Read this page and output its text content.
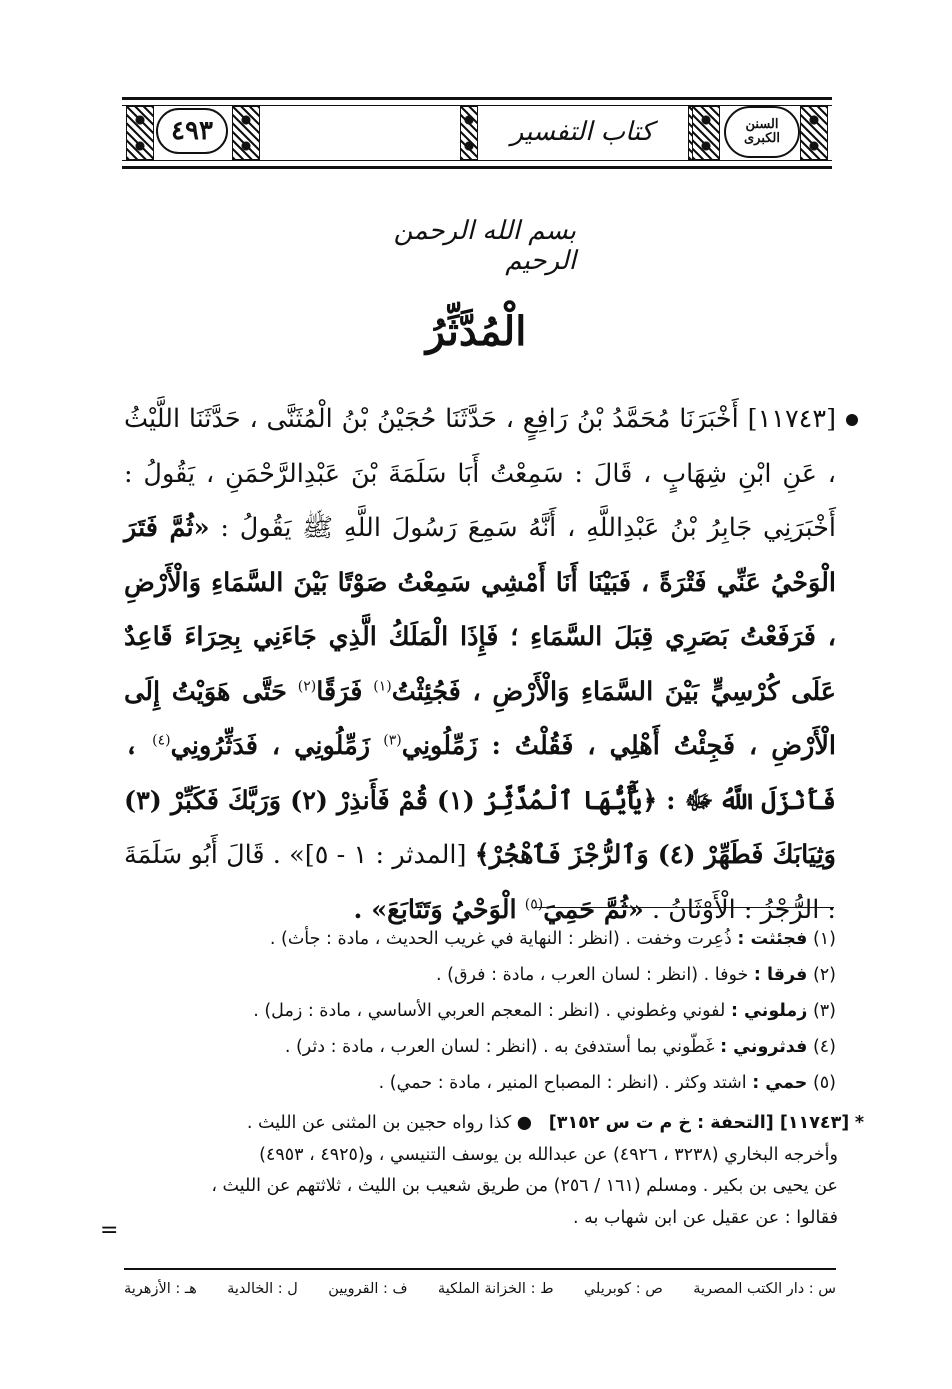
٤٩٣	كتاب التفسير	السنن الكبرى
بسم الله الرحمن الرحيم
الْمُدَّثِّرُ
[١١٧٤٣] أَخْبَرَنَا مُحَمَّدُ بْنُ رَافِعٍ ، حَدَّثَنَا حُجَيْنُ بْنُ الْمُثَنَّى ، حَدَّثَنَا اللَّيْثُ ، عَنِ ابْنِ شِهَابٍ ، قَالَ : سَمِعْتُ أَبَا سَلَمَةَ بْنَ عَبْدِالرَّحْمَنِ ، يَقُولُ : أَخْبَرَنِي جَابِرُ بْنُ عَبْدِاللَّهِ ، أَنَّهُ سَمِعَ رَسُولَ اللَّهِ ﷺ يَقُولُ : «ثُمَّ فَتَرَ الْوَحْيُ عَنِّي فَتْرَةً ، فَبَيْنَا أَنَا أَمْشِي سَمِعْتُ صَوْتًا بَيْنَ السَّمَاءِ وَالْأَرْضِ ، فَرَفَعْتُ بَصَرِي قِبَلَ السَّمَاءِ ؛ فَإِذَا الْمَلَكُ الَّذِي جَاءَنِي بِحِرَاءَ قَاعِدٌ عَلَى كُرْسِيٍّ بَيْنَ السَّمَاءِ وَالْأَرْضِ ، فَجُئِثْتُ$^{(١)}$ فَرَقًا$^{(٢)}$ حَتَّى هَوَيْتُ إِلَى الْأَرْضِ ، فَجِئْتُ أَهْلِي ، فَقُلْتُ : زَمِّلُونِي$^{(٣)}$ زَمِّلُونِي ، فَدَثِّرُونِي$^{(٤)}$ ، فَأَنْزَلَ اللَّهُ ﷻ : ﴿يَٰٓأَيُّهَا ٱلْمُدَّثِّرُ (١) قُمْ فَأَنذِرْ (٢) وَرَبَّكَ فَكَبِّرْ (٣) وَثِيَابَكَ فَطَهِّرْ (٤) وَٱلرُّجْزَ فَٱهْجُرْ﴾ [المدثر : ١ - ٥]» . قَالَ أَبُو سَلَمَةَ : الرُّجْزُ : الْأَوْثَانُ . «ثُمَّ حَمِيَ$^{(٥)}$ الْوَحْيُ وَتَتَابَعَ» .
(١) فجئثت : ذُعِرت وخفت . (انظر : النهاية في غريب الحديث ، مادة : جأث) .
(٢) فرقا : خوفا . (انظر : لسان العرب ، مادة : فرق) .
(٣) زملوني : لفوني وغطوني . (انظر : المعجم العربي الأساسي ، مادة : زمل) .
(٤) فدثروني : غَطّوني بما أستدفئ به . (انظر : لسان العرب ، مادة : دثر) .
(٥) حمي : اشتد وكثر . (انظر : المصباح المنير ، مادة : حمي) .
* [١١٧٤٣] [التحفة : خ م ت س ٣١٥٢]   ● كذا رواه حجين بن المثنى عن الليث .
وأخرجه البخاري (٣٢٣٨ ، ٤٩٢٦) عن عبدالله بن يوسف التنيسي ، و(٤٩٢٥ ، ٤٩٥٣)
عن يحيى بن بكير . ومسلم (١٦١ / ٢٥٦) من طريق شعيب بن الليث ، ثلاثتهم عن الليث ،
فقالوا : عن عقيل عن ابن شهاب به .
=
س : دار الكتب المصرية
ص : كوبريلي
ط : الخزانة الملكية
ف : القرويين
ل : الخالدية
هـ : الأزهرية
